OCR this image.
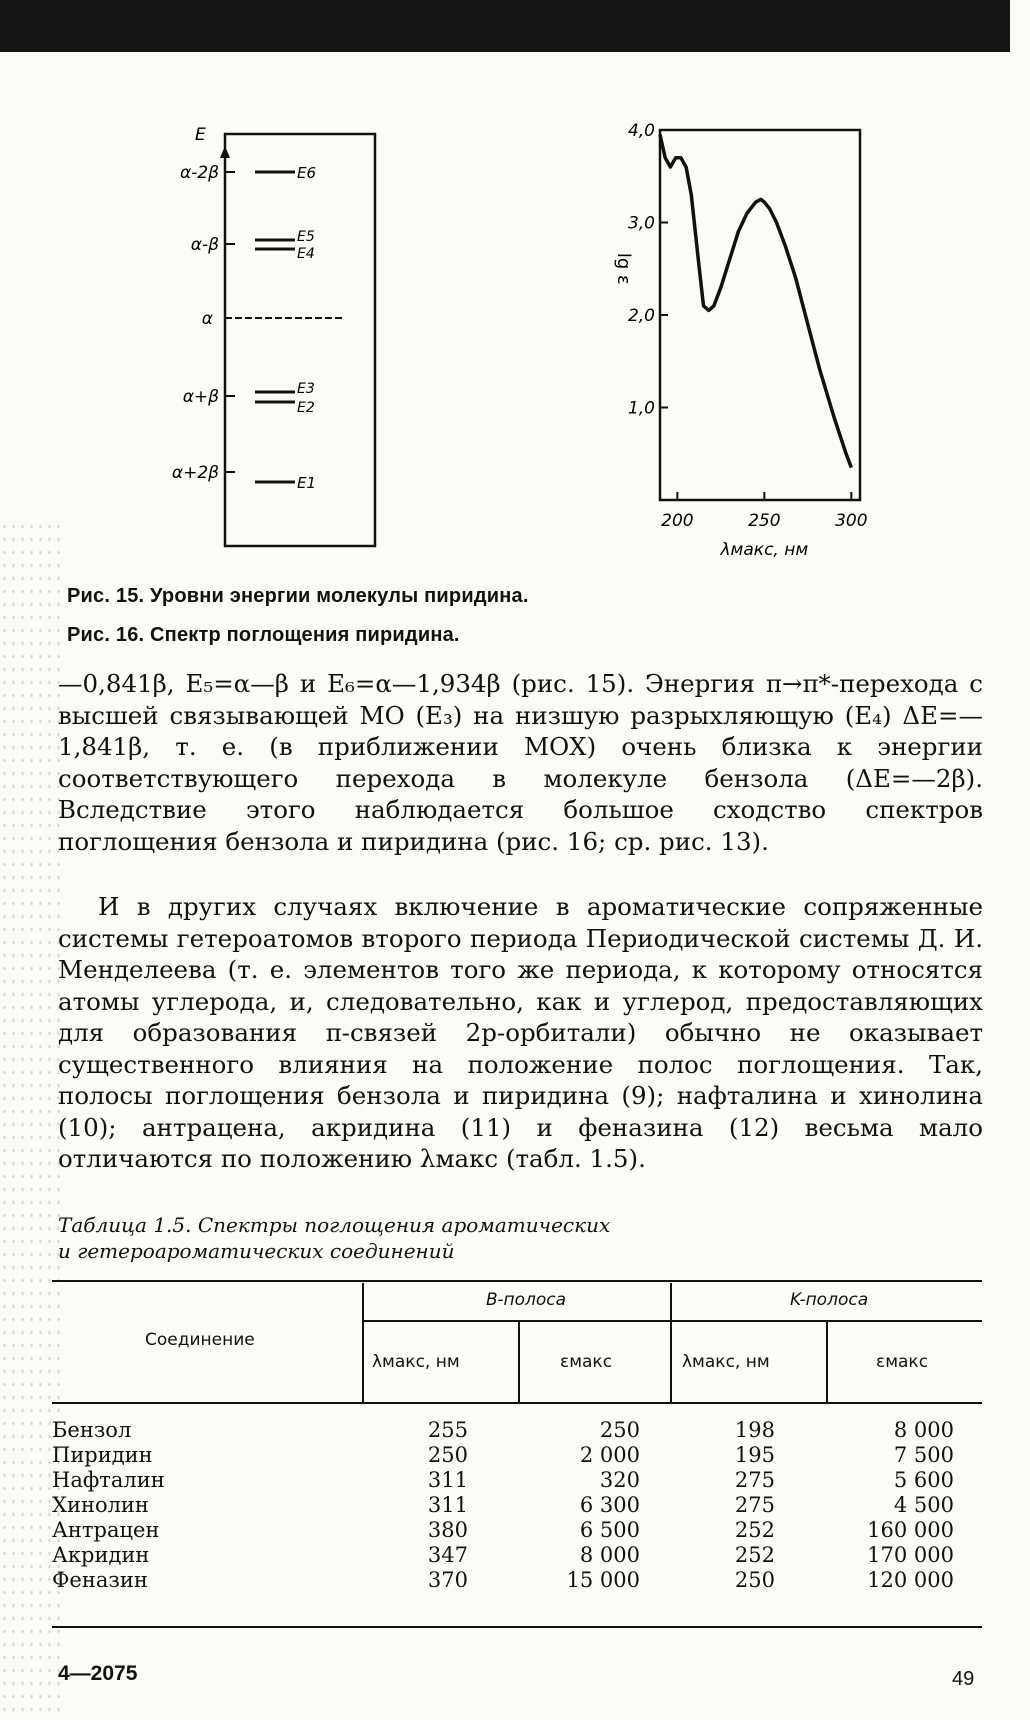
E
α-2β	E6
α-β	E5
E4
α
α+β	E3
E2
α+2β	E1
4,0
3,0
2,0
1,0
200	250	300
lg ε
λмакс, нм
Рис. 15. Уровни энергии молекулы пиридина.
Рис. 16. Спектр поглощения пиридина.

—0,841β, E₅=α—β и E₆=α—1,934β (рис. 15). Энергия π→π*-перехода с высшей связывающей МО (E₃) на низшую разрыхляющую (E₄) ΔE=—1,841β, т. е. (в приближении МОХ) очень близка к энергии соответствующего перехода в молекуле бензола (ΔE=—2β). Вследствие этого наблюдается большое сходство спектров поглощения бензола и пиридина (рис. 16; ср. рис. 13).

И в других случаях включение в ароматические сопряженные системы гетероатомов второго периода Периодической системы Д. И. Менделеева (т. е. элементов того же периода, к которому относятся атомы углерода, и, следовательно, как и углерод, предоставляющих для образования π-связей 2p-орбитали) обычно не оказывает существенного влияния на положение полос поглощения. Так, полосы поглощения бензола и пиридина (9); нафталина и хинолина (10); антрацена, акридина (11) и феназина (12) весьма мало отличаются по положению λмакс (табл. 1.5).

Таблица 1.5. Спектры поглощения ароматических
и гетероароматических соединений
Соединение
B-полоса	K-полоса
λмакс, нм	εмакс	λмакс, нм	εмакс
Бензол	255	250	198	8 000
Пиридин	250	2 000	195	7 500
Нафталин	311	320	275	5 600
Хинолин	311	6 300	275	4 500
Антрацен	380	6 500	252	160 000
Акридин	347	8 000	252	170 000
Феназин	370	15 000	250	120 000
4—2075	49
